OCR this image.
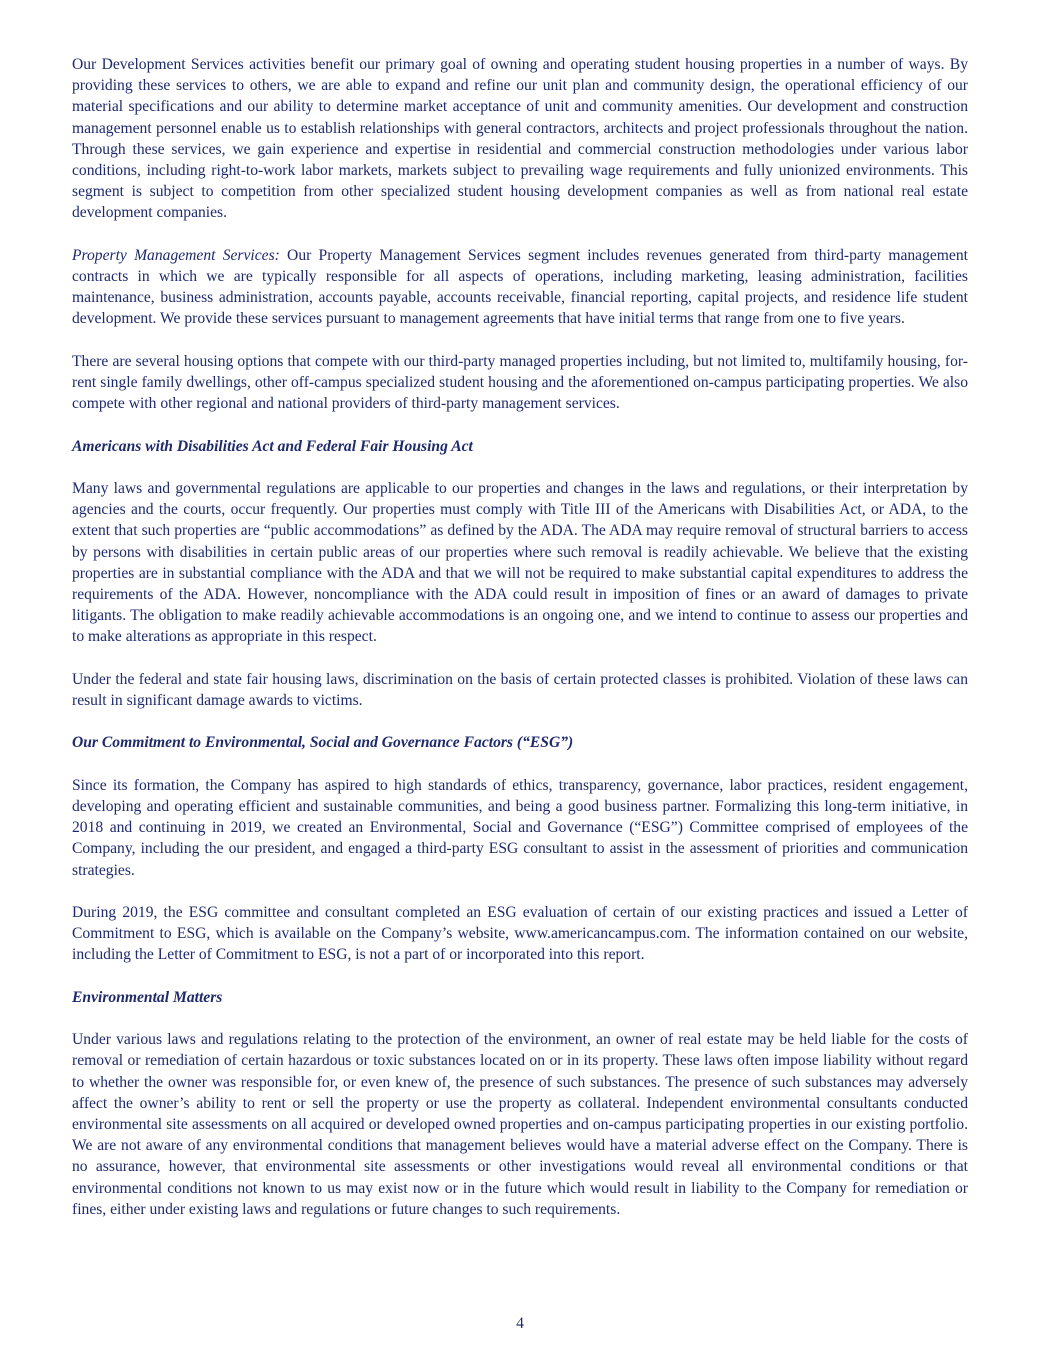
Our Development Services activities benefit our primary goal of owning and operating student housing properties in a number of ways. By providing these services to others, we are able to expand and refine our unit plan and community design, the operational efficiency of our material specifications and our ability to determine market acceptance of unit and community amenities. Our development and construction management personnel enable us to establish relationships with general contractors, architects and project professionals throughout the nation. Through these services, we gain experience and expertise in residential and commercial construction methodologies under various labor conditions, including right-to-work labor markets, markets subject to prevailing wage requirements and fully unionized environments. This segment is subject to competition from other specialized student housing development companies as well as from national real estate development companies.

Property Management Services: Our Property Management Services segment includes revenues generated from third-party management contracts in which we are typically responsible for all aspects of operations, including marketing, leasing administration, facilities maintenance, business administration, accounts payable, accounts receivable, financial reporting, capital projects, and residence life student development. We provide these services pursuant to management agreements that have initial terms that range from one to five years.

There are several housing options that compete with our third-party managed properties including, but not limited to, multifamily housing, for-rent single family dwellings, other off-campus specialized student housing and the aforementioned on-campus participating properties. We also compete with other regional and national providers of third-party management services.

Americans with Disabilities Act and Federal Fair Housing Act

Many laws and governmental regulations are applicable to our properties and changes in the laws and regulations, or their interpretation by agencies and the courts, occur frequently. Our properties must comply with Title III of the Americans with Disabilities Act, or ADA, to the extent that such properties are “public accommodations” as defined by the ADA. The ADA may require removal of structural barriers to access by persons with disabilities in certain public areas of our properties where such removal is readily achievable. We believe that the existing properties are in substantial compliance with the ADA and that we will not be required to make substantial capital expenditures to address the requirements of the ADA. However, noncompliance with the ADA could result in imposition of fines or an award of damages to private litigants. The obligation to make readily achievable accommodations is an ongoing one, and we intend to continue to assess our properties and to make alterations as appropriate in this respect.

Under the federal and state fair housing laws, discrimination on the basis of certain protected classes is prohibited. Violation of these laws can result in significant damage awards to victims.

Our Commitment to Environmental, Social and Governance Factors (“ESG”)

Since its formation, the Company has aspired to high standards of ethics, transparency, governance, labor practices, resident engagement, developing and operating efficient and sustainable communities, and being a good business partner. Formalizing this long-term initiative, in 2018 and continuing in 2019, we created an Environmental, Social and Governance (“ESG”) Committee comprised of employees of the Company, including the our president, and engaged a third-party ESG consultant to assist in the assessment of priorities and communication strategies.

During 2019, the ESG committee and consultant completed an ESG evaluation of certain of our existing practices and issued a Letter of Commitment to ESG, which is available on the Company’s website, www.americancampus.com. The information contained on our website, including the Letter of Commitment to ESG, is not a part of or incorporated into this report.

Environmental Matters

Under various laws and regulations relating to the protection of the environment, an owner of real estate may be held liable for the costs of removal or remediation of certain hazardous or toxic substances located on or in its property. These laws often impose liability without regard to whether the owner was responsible for, or even knew of, the presence of such substances. The presence of such substances may adversely affect the owner’s ability to rent or sell the property or use the property as collateral. Independent environmental consultants conducted environmental site assessments on all acquired or developed owned properties and on-campus participating properties in our existing portfolio. We are not aware of any environmental conditions that management believes would have a material adverse effect on the Company. There is no assurance, however, that environmental site assessments or other investigations would reveal all environmental conditions or that environmental conditions not known to us may exist now or in the future which would result in liability to the Company for remediation or fines, either under existing laws and regulations or future changes to such requirements.

4
